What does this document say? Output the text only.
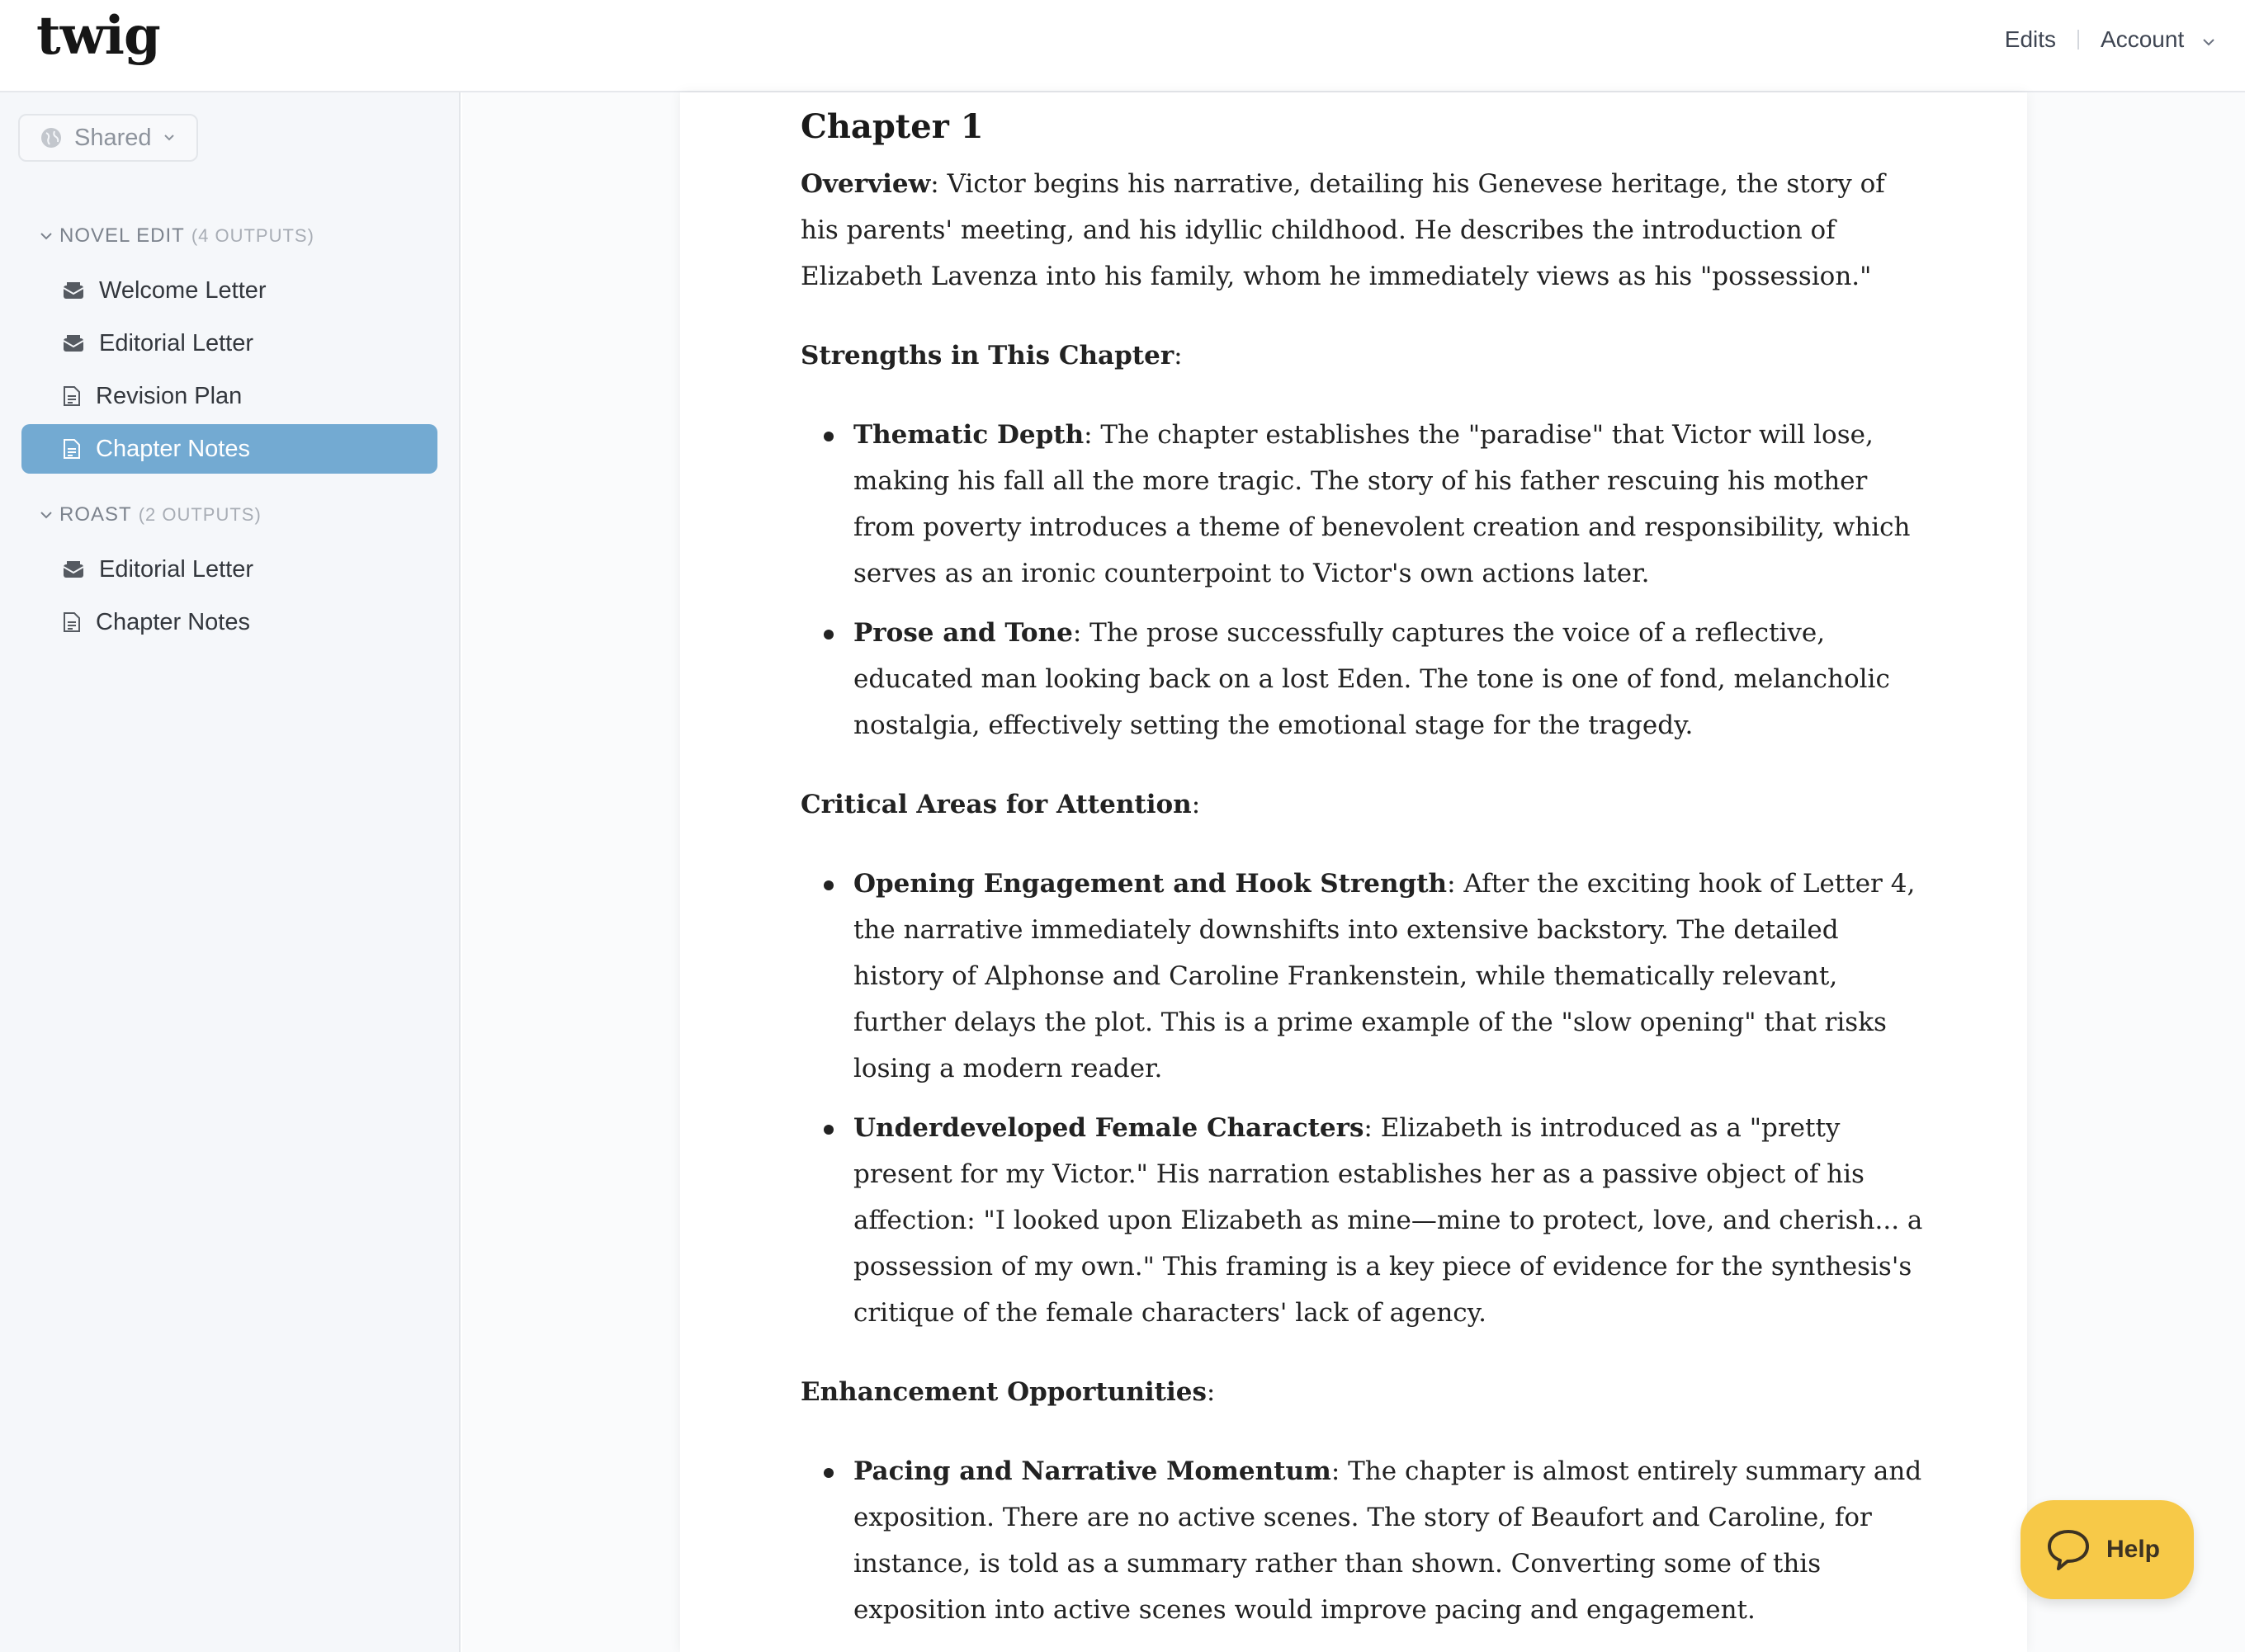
twig	Edits Account
Shared
NOVEL EDIT (4 OUTPUTS)
Welcome Letter
Editorial Letter
Revision Plan
Chapter Notes
ROAST (2 OUTPUTS)
Editorial Letter
Chapter Notes
Chapter 1

Overview: Victor begins his narrative, detailing his Genevese heritage, the story of his parents' meeting, and his idyllic childhood. He describes the introduction of Elizabeth Lavenza into his family, whom he immediately views as his "possession."

Strengths in This Chapter:

Thematic Depth: The chapter establishes the "paradise" that Victor will lose, making his fall all the more tragic. The story of his father rescuing his mother from poverty introduces a theme of benevolent creation and responsibility, which serves as an ironic counterpoint to Victor's own actions later.
Prose and Tone: The prose successfully captures the voice of a reflective, educated man looking back on a lost Eden. The tone is one of fond, melancholic nostalgia, effectively setting the emotional stage for the tragedy.

Critical Areas for Attention:

Opening Engagement and Hook Strength: After the exciting hook of Letter 4, the narrative immediately downshifts into extensive backstory. The detailed history of Alphonse and Caroline Frankenstein, while thematically relevant, further delays the plot. This is a prime example of the "slow opening" that risks losing a modern reader.
Underdeveloped Female Characters: Elizabeth is introduced as a "pretty present for my Victor." His narration establishes her as a passive object of his affection: "I looked upon Elizabeth as mine—mine to protect, love, and cherish... a possession of my own." This framing is a key piece of evidence for the synthesis's critique of the female characters' lack of agency.

Enhancement Opportunities:

Pacing and Narrative Momentum: The chapter is almost entirely summary and exposition. There are no active scenes. The story of Beaufort and Caroline, for instance, is told as a summary rather than shown. Converting some of this exposition into active scenes would improve pacing and engagement.
Help
